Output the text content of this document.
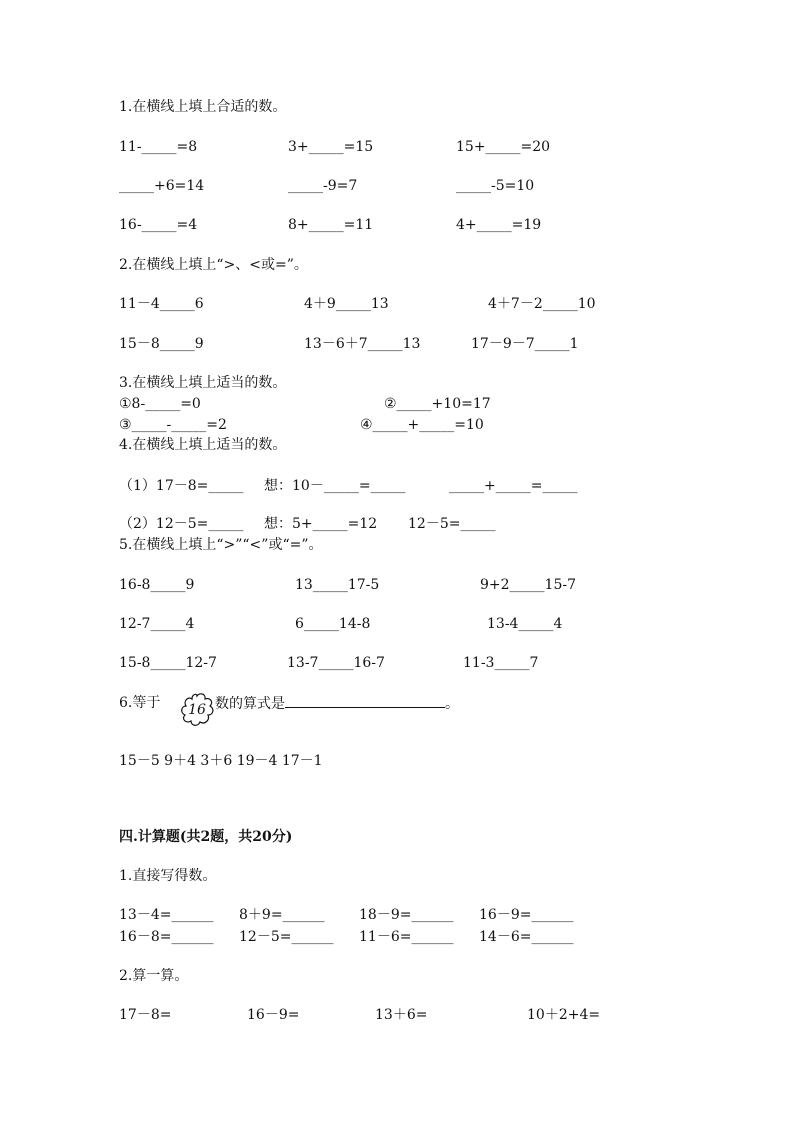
1.在横线上填上合适的数。
11-_____=8	3+_____=15	15+_____=20
_____+6=14	_____-9=7	_____-5=10
16-_____=4	8+_____=11	4+_____=19
2.在横线上填上“>、<或=”。
11－4_____6	4＋9_____13	4＋7－2_____10
15－8_____9	13－6＋7_____13	17－9－7_____1
3.在横线上填上适当的数。
①8-_____=0	②_____+10=17
③_____-_____=2	④_____+_____=10
4.在横线上填上适当的数。
（1）17－8=_____ 想：10－_____=_____	_____+_____=_____
（2）12－5=_____ 想：5+_____=12 12－5=_____
5.在横线上填上“>”“<”或“=”。
16-8_____9	13_____17-5	9+2_____15-7
12-7_____4	6_____14-8	13-4_____4
15-8_____12-7	13-7_____16-7	11-3_____7
6.等于 16 数的算式是	。
15－5 9＋4 3＋6 19－4 17－1
四.计算题(共2题，共20分)
1.直接写得数。
13－4=______ 8＋9=______ 18－9=______ 16－9=______
16－8=______ 12－5=______ 11－6=______ 14－6=______
2.算一算。
17－8=	16－9=	13＋6=	10＋2+4=
